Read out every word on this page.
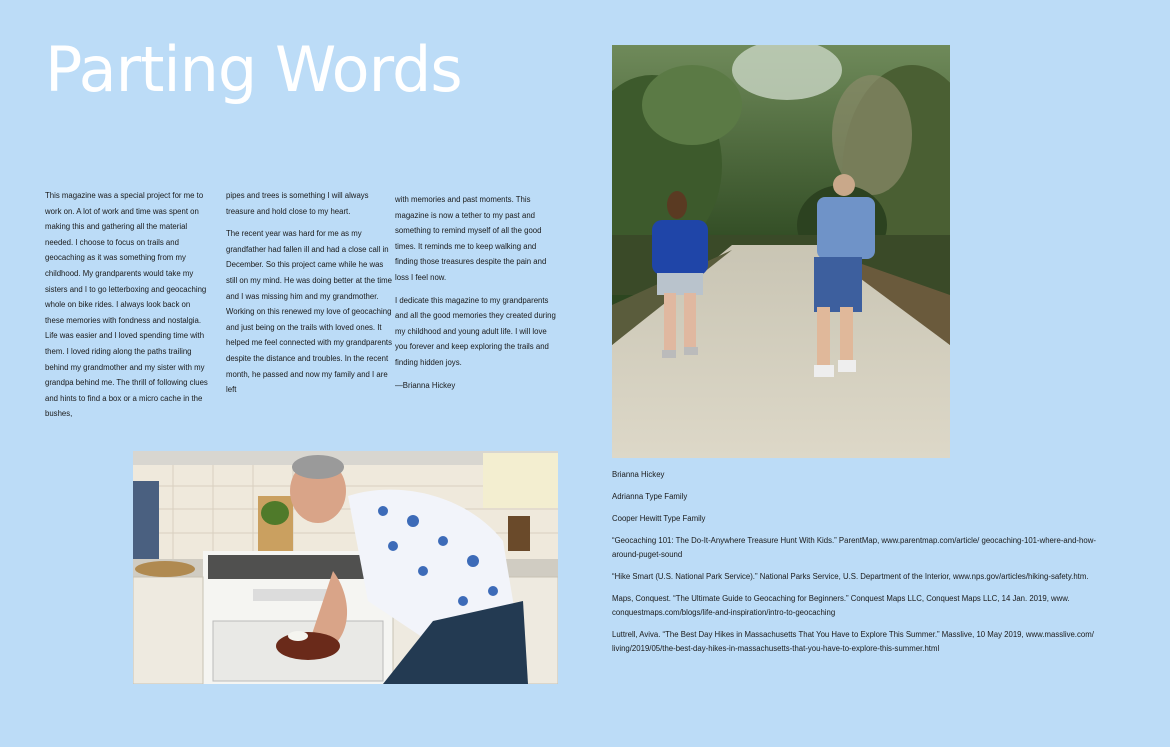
Parting Words

This magazine was a special project for me to work on. A lot of work and time was spent on making this and gathering all the material needed. I choose to focus on trails and geocaching as it was something from my childhood. My grandparents would take my sisters and I to go letterboxing and geocaching whole on bike rides. I always look back on these memories with fondness and nostalgia. Life was easier and I loved spending time with them. I loved riding along the paths trailing behind my grandmother and my sister with my grandpa behind me. The thrill of following clues and hints to find a box or a micro cache in the bushes,

pipes and trees is something I will always treasure and hold close to my heart.

The recent year was hard for me as my grandfather had fallen ill and had a close call in December. So this project came while he was still on my mind. He was doing better at the time and I was missing him and my grandmother. Working on this renewed my love of geocaching and just being on the trails with loved ones. It helped me feel connected with my grandparents despite the distance and troubles. In the recent month, he passed and now my family and I are left

with memories and past moments. This magazine is now a tether to my past and something to remind myself of all the good times. It reminds me to keep walking and finding those treasures despite the pain and loss I feel now.

I dedicate this magazine to my grandparents and all the good memories they created during my childhood and young adult life. I will love you forever and keep exploring the trails and finding hidden joys.

—Brianna Hickey

Brianna Hickey

Adrianna Type Family

Cooper Hewitt Type Family

“Geocaching 101: The Do-It-Anywhere Treasure Hunt With Kids.” ParentMap, www.parentmap.com/article/ geocaching-101-where-and-how-around-puget-sound

“Hike Smart (U.S. National Park Service).” National Parks Service, U.S. Department of the Interior, www.nps.gov/articles/hiking-safety.htm.

Maps, Conquest. “The Ultimate Guide to Geocaching for Beginners.” Conquest Maps LLC, Conquest Maps LLC, 14 Jan. 2019, www. conquestmaps.com/blogs/life-and-inspiration/intro-to-geocaching

Luttrell, Aviva. “The Best Day Hikes in Massachusetts That You Have to Explore This Summer.” Masslive, 10 May 2019, www.masslive.com/ living/2019/05/the-best-day-hikes-in-massachusetts-that-you-have-to-explore-this-summer.html
